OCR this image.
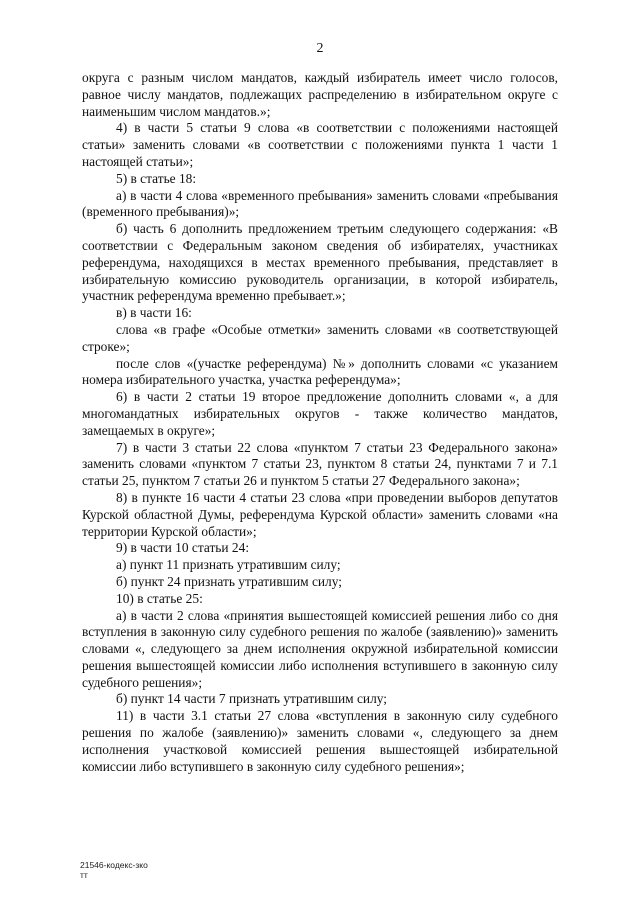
2

округа с разным числом мандатов, каждый избиратель имеет число голосов, равное числу мандатов, подлежащих распределению в избирательном округе с наименьшим числом мандатов.»;

4) в части 5 статьи 9 слова «в соответствии с положениями настоящей статьи» заменить словами «в соответствии с положениями пункта 1 части 1 настоящей статьи»;

5) в статье 18:

а) в части 4 слова «временного пребывания» заменить словами «пребывания (временного пребывания)»;

б) часть 6 дополнить предложением третьим следующего содержания: «В соответствии с Федеральным законом сведения об избирателях, участниках референдума, находящихся в местах временного пребывания, представляет в избирательную комиссию руководитель организации, в которой избиратель, участник референдума временно пребывает.»;

в) в части 16:

слова «в графе «Особые отметки» заменить словами «в соответствующей строке»;

после слов «(участке референдума) №» дополнить словами «с указанием номера избирательного участка, участка референдума»;

6) в части 2 статьи 19 второе предложение дополнить словами «, а для многомандатных избирательных округов - также количество мандатов, замещаемых в округе»;

7) в части 3 статьи 22 слова «пунктом 7 статьи 23 Федерального закона» заменить словами «пунктом 7 статьи 23, пунктом 8 статьи 24, пунктами 7 и 7.1 статьи 25, пунктом 7 статьи 26 и пунктом 5 статьи 27 Федерального закона»;

8) в пункте 16 части 4 статьи 23 слова «при проведении выборов депутатов Курской областной Думы, референдума Курской области» заменить словами «на территории Курской области»;

9) в части 10 статьи 24:

а) пункт 11 признать утратившим силу;

б) пункт 24 признать утратившим силу;

10) в статье 25:

а) в части 2 слова «принятия вышестоящей комиссией решения либо со дня вступления в законную силу судебного решения по жалобе (заявлению)» заменить словами «, следующего за днем исполнения окружной избирательной комиссии решения вышестоящей комиссии либо исполнения вступившего в законную силу судебного решения»;

б) пункт 14 части 7 признать утратившим силу;

11) в части 3.1 статьи 27 слова «вступления в законную силу судебного решения по жалобе (заявлению)» заменить словами «, следующего за днем исполнения участковой комиссией решения вышестоящей избирательной комиссии либо вступившего в законную силу судебного решения»;

21546-кодекс-зко
тт
